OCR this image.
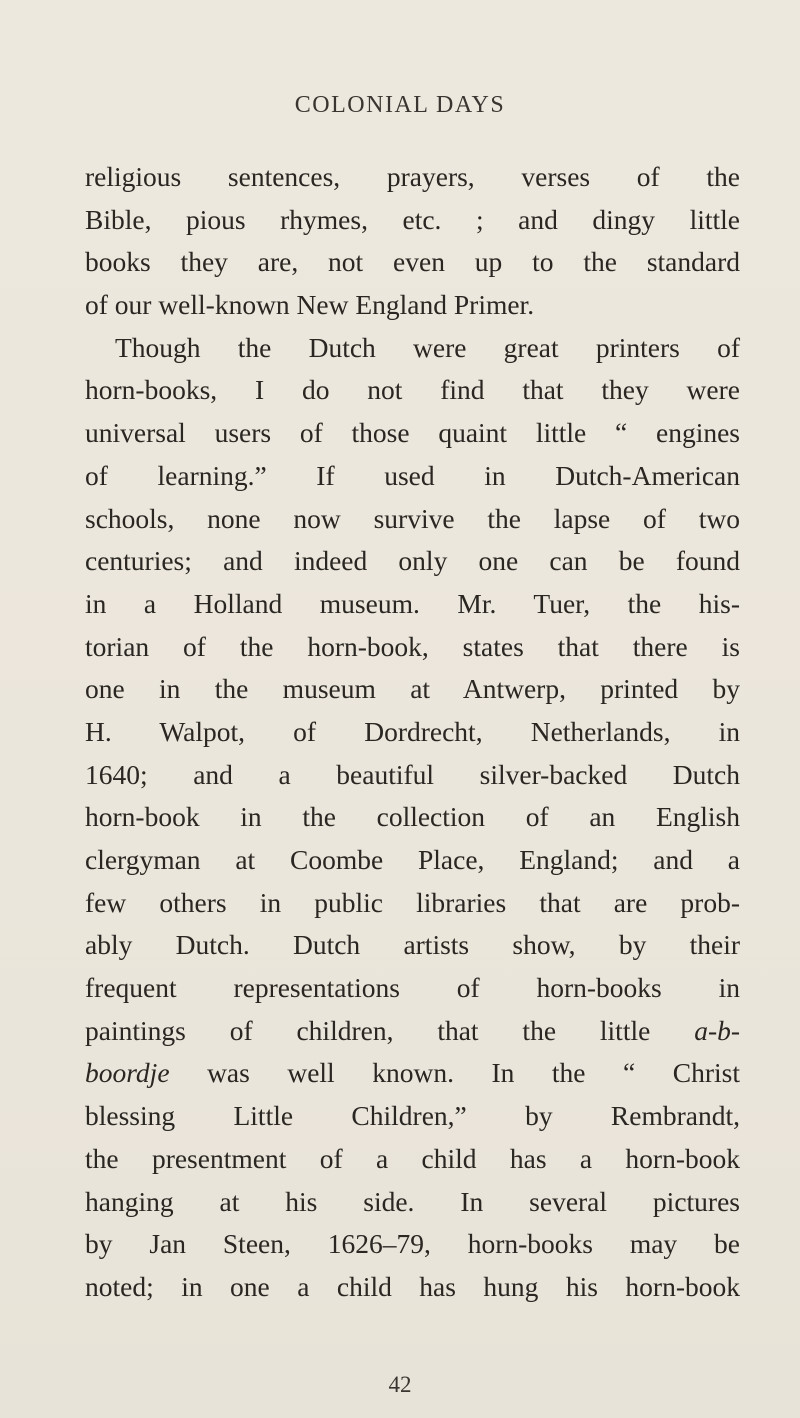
COLONIAL DAYS
religious sentences, prayers, verses of the
Bible, pious rhymes, etc. ; and dingy little
books they are, not even up to the standard
of our well-known New England Primer.
Though the Dutch were great printers of
horn-books, I do not find that they were
universal users of those quaint little “ engines
of learning.” If used in Dutch-American
schools, none now survive the lapse of two
centuries; and indeed only one can be found
in a Holland museum. Mr. Tuer, the his-
torian of the horn-book, states that there is
one in the museum at Antwerp, printed by
H. Walpot, of Dordrecht, Netherlands, in
1640; and a beautiful silver-backed Dutch
horn-book in the collection of an English
clergyman at Coombe Place, England; and a
few others in public libraries that are prob-
ably Dutch. Dutch artists show, by their
frequent representations of horn-books in
paintings of children, that the little a-b-
boordje was well known. In the “ Christ
blessing Little Children,” by Rembrandt,
the presentment of a child has a horn-book
hanging at his side. In several pictures
by Jan Steen, 1626–79, horn-books may be
noted; in one a child has hung his horn-book
42
